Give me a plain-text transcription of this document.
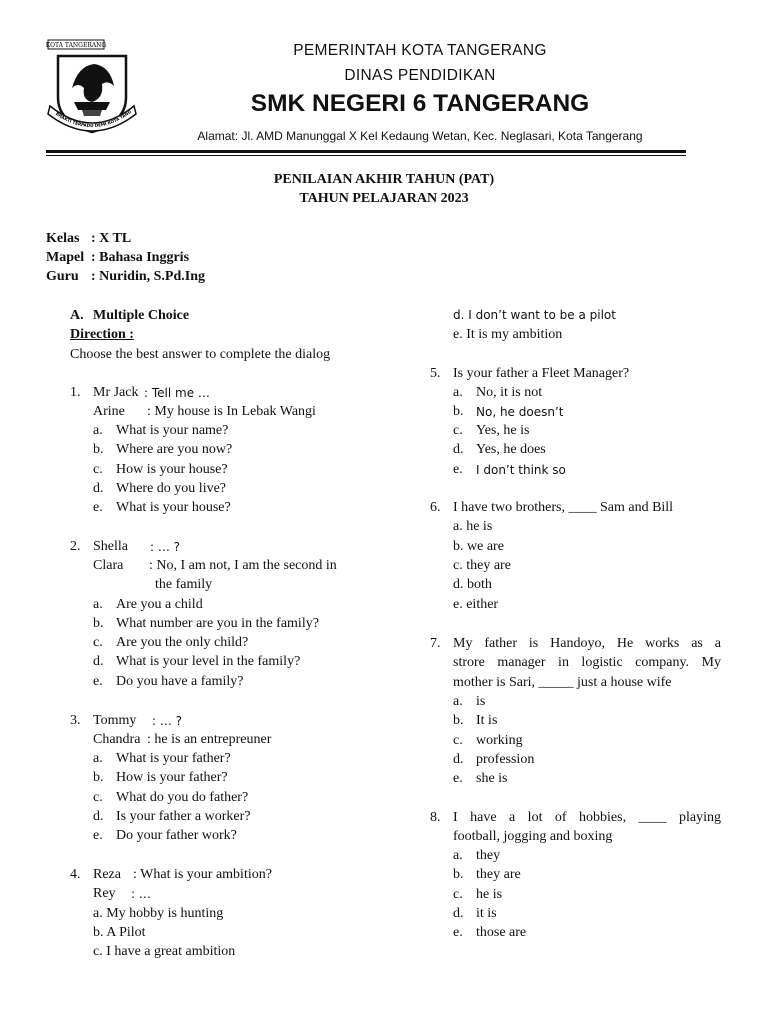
KOTA TANGERANG
BHAKTI TERPADU DEMI KOTA TANG
PEMERINTAH KOTA TANGERANG
DINAS PENDIDIKAN
SMK NEGERI 6 TANGERANG
Alamat: Jl. AMD Manunggal X Kel Kedaung Wetan, Kec. Neglasari, Kota Tangerang
PENILAIAN AKHIR TAHUN (PAT)
TAHUN PELAJARAN 2023
Kelas : X TL
Mapel : Bahasa Inggris
Guru : Nuridin, S.Pd.Ing
A. Multiple Choice
Direction :
Choose the best answer to complete the dialog
1. Mr Jack : Tell me …
Arine : My house is In Lebak Wangi
a. What is your name?
b. Where are you now?
c. How is your house?
d. Where do you live?
e. What is your house?
2. Shella : … ?
Clara : No, I am not, I am the second in
the family
a. Are you a child
b. What number are you in the family?
c. Are you the only child?
d. What is your level in the family?
e. Do you have a family?
3. Tommy : … ?
Chandra : he is an entrepreuner
a. What is your father?
b. How is your father?
c. What do you do father?
d. Is your father a worker?
e. Do your father work?
4. Reza : What is your ambition?
Rey : …
a. My hobby is hunting
b. A Pilot
c. I have a great ambition
d. I don’t want to be a pilot
e. It is my ambition
5. Is your father a Fleet Manager?
a. No, it is not
b. No, he doesn’t
c. Yes, he is
d. Yes, he does
e. I don’t think so
6. I have two brothers, ____ Sam and Bill
a. he is
b. we are
c. they are
d. both
e. either
7. My father is Handoyo, He works as a
strore manager in logistic company. My
mother is Sari, _____ just a house wife
a. is
b. It is
c. working
d. profession
e. she is
8. I have a lot of hobbies, ____ playing
football, jogging and boxing
a. they
b. they are
c. he is
d. it is
e. those are
